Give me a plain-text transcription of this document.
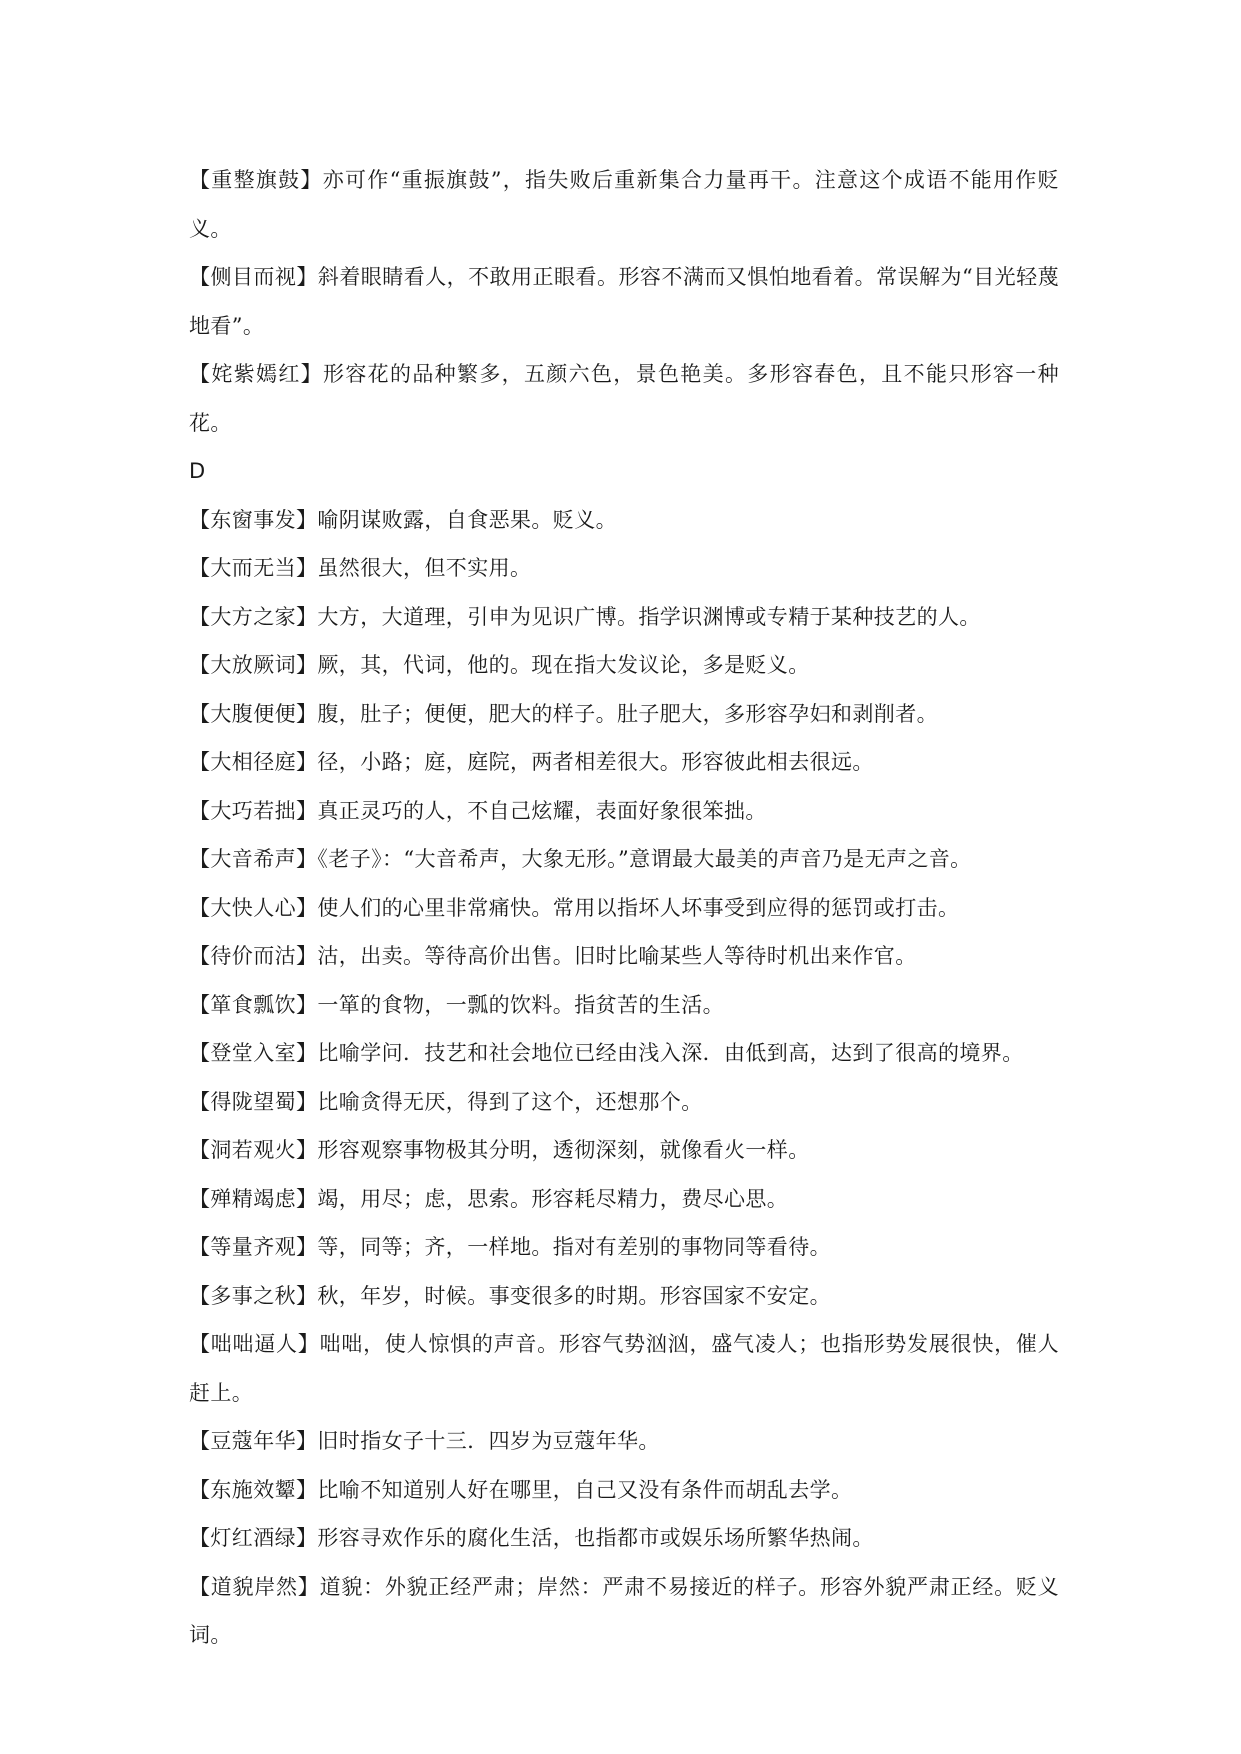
【重整旗鼓】亦可作“重振旗鼓”，指失败后重新集合力量再干。注意这个成语不能用作贬义。

【侧目而视】斜着眼睛看人，不敢用正眼看。形容不满而又惧怕地看着。常误解为“目光轻蔑地看”。

【姹紫嫣红】形容花的品种繁多，五颜六色，景色艳美。多形容春色，且不能只形容一种花。

D

【东窗事发】喻阴谋败露，自食恶果。贬义。

【大而无当】虽然很大，但不实用。

【大方之家】大方，大道理，引申为见识广博。指学识渊博或专精于某种技艺的人。

【大放厥词】厥，其，代词，他的。现在指大发议论，多是贬义。

【大腹便便】腹，肚子；便便，肥大的样子。肚子肥大，多形容孕妇和剥削者。

【大相径庭】径，小路；庭，庭院，两者相差很大。形容彼此相去很远。

【大巧若拙】真正灵巧的人，不自己炫耀，表面好象很笨拙。

【大音希声】《老子》：“大音希声，大象无形。”意谓最大最美的声音乃是无声之音。

【大快人心】使人们的心里非常痛快。常用以指坏人坏事受到应得的惩罚或打击。

【待价而沽】沽，出卖。等待高价出售。旧时比喻某些人等待时机出来作官。

【箪食瓢饮】一箪的食物，一瓢的饮料。指贫苦的生活。

【登堂入室】比喻学问．技艺和社会地位已经由浅入深．由低到高，达到了很高的境界。

【得陇望蜀】比喻贪得无厌，得到了这个，还想那个。

【洞若观火】形容观察事物极其分明，透彻深刻，就像看火一样。

【殚精竭虑】竭，用尽；虑，思索。形容耗尽精力，费尽心思。

【等量齐观】等，同等；齐，一样地。指对有差别的事物同等看待。

【多事之秋】秋，年岁，时候。事变很多的时期。形容国家不安定。

【咄咄逼人】咄咄，使人惊惧的声音。形容气势汹汹，盛气凌人；也指形势发展很快，催人赶上。

【豆蔻年华】旧时指女子十三．四岁为豆蔻年华。

【东施效颦】比喻不知道别人好在哪里，自己又没有条件而胡乱去学。

【灯红酒绿】形容寻欢作乐的腐化生活，也指都市或娱乐场所繁华热闹。

【道貌岸然】道貌：外貌正经严肃；岸然：严肃不易接近的样子。形容外貌严肃正经。贬义词。
